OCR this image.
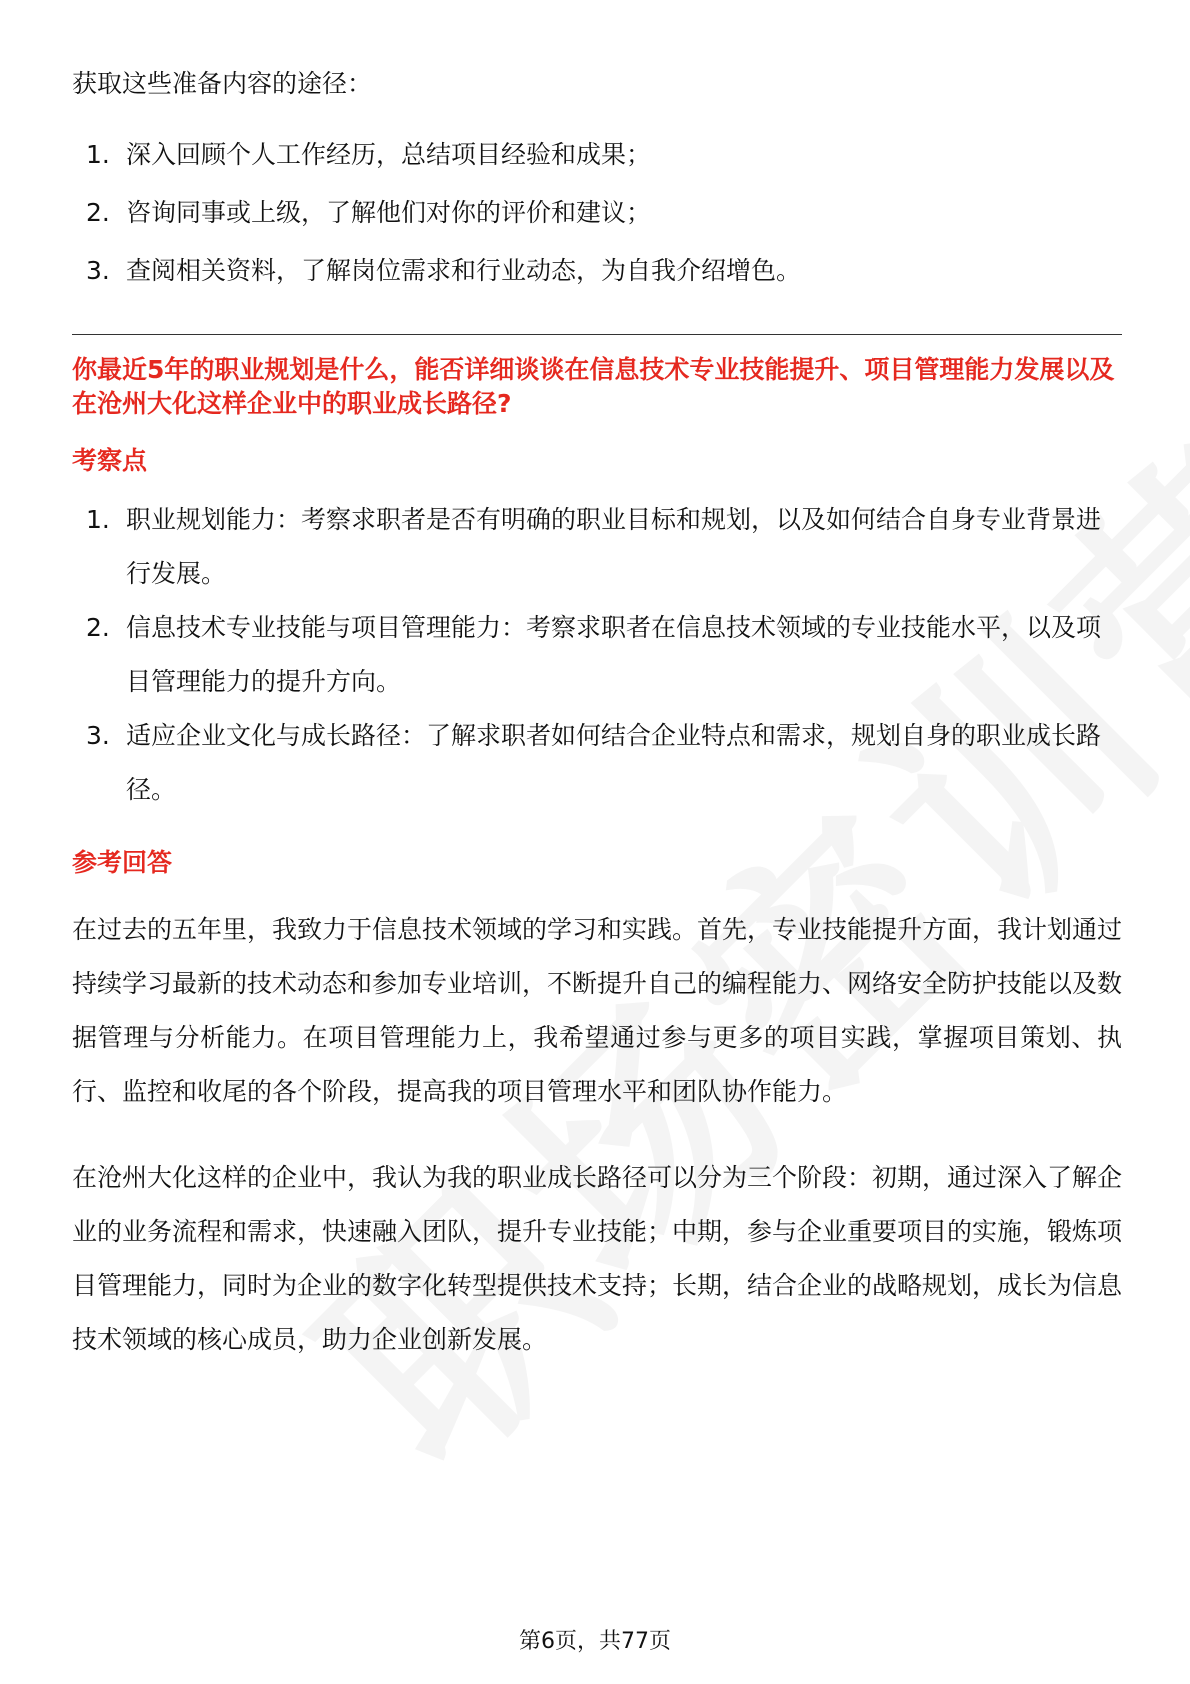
获取这些准备内容的途径：

1. 深入回顾个人工作经历，总结项目经验和成果；
2. 咨询同事或上级，了解他们对你的评价和建议；
3. 查阅相关资料，了解岗位需求和行业动态，为自我介绍增色。

你最近5年的职业规划是什么，能否详细谈谈在信息技术专业技能提升、项目管理能力发展以及在沧州大化这样企业中的职业成长路径?

考察点
1. 职业规划能力：考察求职者是否有明确的职业目标和规划，以及如何结合自身专业背景进行发展。
2. 信息技术专业技能与项目管理能力：考察求职者在信息技术领域的专业技能水平，以及项目管理能力的提升方向。
3. 适应企业文化与成长路径：了解求职者如何结合企业特点和需求，规划自身的职业成长路径。
参考回答

在过去的五年里，我致力于信息技术领域的学习和实践。首先，专业技能提升方面，我计划通过持续学习最新的技术动态和参加专业培训，不断提升自己的编程能力、网络安全防护技能以及数据管理与分析能力。在项目管理能力上，我希望通过参与更多的项目实践，掌握项目策划、执行、监控和收尾的各个阶段，提高我的项目管理水平和团队协作能力。

在沧州大化这样的企业中，我认为我的职业成长路径可以分为三个阶段：初期，通过深入了解企业的业务流程和需求，快速融入团队，提升专业技能；中期，参与企业重要项目的实施，锻炼项目管理能力，同时为企业的数字化转型提供技术支持；长期，结合企业的战略规划，成长为信息技术领域的核心成员，助力企业创新发展。

第6页，共77页
